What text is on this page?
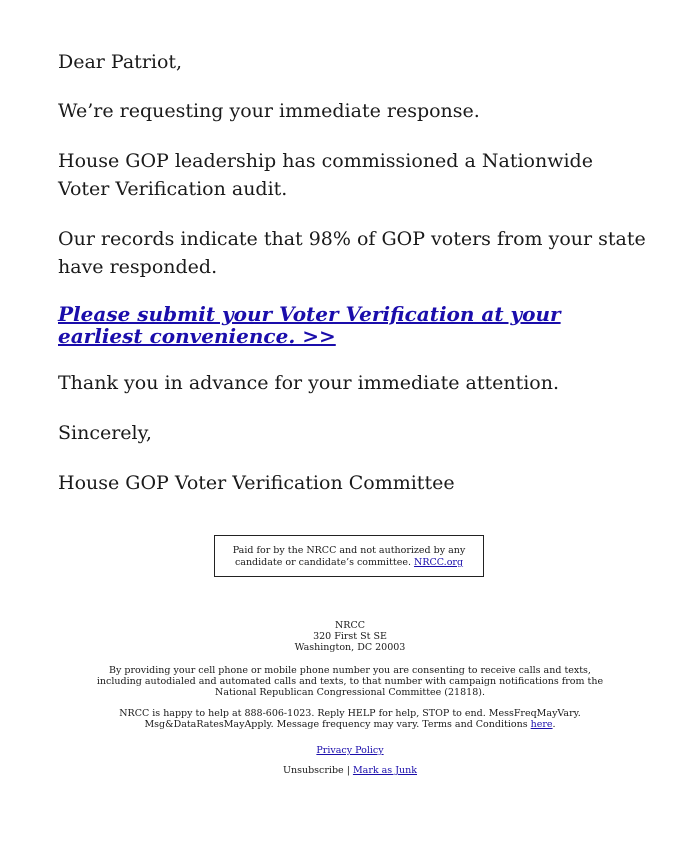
Dear Patriot,

We’re requesting your immediate response.

House GOP leadership has commissioned a Nationwide Voter Verification audit.

Our records indicate that 98% of GOP voters from your state have responded.

Please submit your Voter Verification at your earliest convenience. >>

Thank you in advance for your immediate attention.

Sincerely,

House GOP Voter Verification Committee

Paid for by the NRCC and not authorized by any candidate or candidate’s committee. NRCC.org
NRCC
320 First St SE
Washington, DC 20003
By providing your cell phone or mobile phone number you are consenting to receive calls and texts, including autodialed and automated calls and texts, to that number with campaign notifications from the National Republican Congressional Committee (21818).
NRCC is happy to help at 888-606-1023. Reply HELP for help, STOP to end. MessFreqMayVary. Msg&DataRatesMayApply. Message frequency may vary. Terms and Conditions here.
Privacy Policy
Unsubscribe | Mark as Junk
